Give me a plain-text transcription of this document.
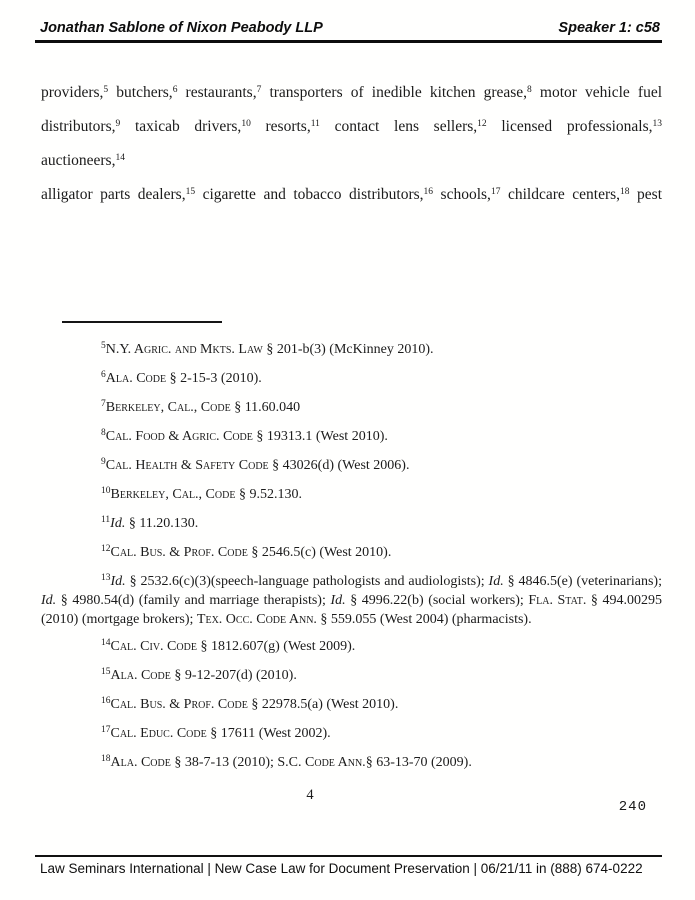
Jonathan Sablone of Nixon Peabody LLP	Speaker 1: c58
providers,$^5$ butchers,$^6$ restaurants,$^7$ transporters of inedible kitchen grease,$^8$ motor vehicle fuel
distributors,$^9$ taxicab drivers,$^{10}$ resorts,$^{11}$ contact lens sellers,$^{12}$ licensed professionals,$^{13}$ auctioneers,$^{14}$
alligator parts dealers,$^{15}$ cigarette and tobacco distributors,$^{16}$ schools,$^{17}$ childcare centers,$^{18}$ pest
$^5$N.Y. Agric. and Mkts. Law § 201-b(3) (McKinney 2010).
$^6$Ala. Code § 2-15-3 (2010).
$^7$Berkeley, Cal., Code § 11.60.040
$^8$Cal. Food & Agric. Code § 19313.1 (West 2010).
$^9$Cal. Health & Safety Code § 43026(d) (West 2006).
$^{10}$Berkeley, Cal., Code § 9.52.130.
$^{11}$Id. § 11.20.130.
$^{12}$Cal. Bus. & Prof. Code § 2546.5(c) (West 2010).
$^{13}$Id. § 2532.6(c)(3)(speech-language pathologists and audiologists); Id. § 4846.5(e) (veterinarians); Id. § 4980.54(d) (family and marriage therapists); Id. § 4996.22(b) (social workers); Fla. Stat. § 494.00295 (2010) (mortgage brokers); Tex. Occ. Code Ann. § 559.055 (West 2004) (pharmacists).
$^{14}$Cal. Civ. Code § 1812.607(g) (West 2009).
$^{15}$Ala. Code § 9-12-207(d) (2010).
$^{16}$Cal. Bus. & Prof. Code § 22978.5(a) (West 2010).
$^{17}$Cal. Educ. Code § 17611 (West 2002).
$^{18}$Ala. Code § 38-7-13 (2010); S.C. Code Ann.§ 63-13-70 (2009).
4
240
Law Seminars International | New Case Law for Document Preservation | 06/21/11 in (888) 674-0222
